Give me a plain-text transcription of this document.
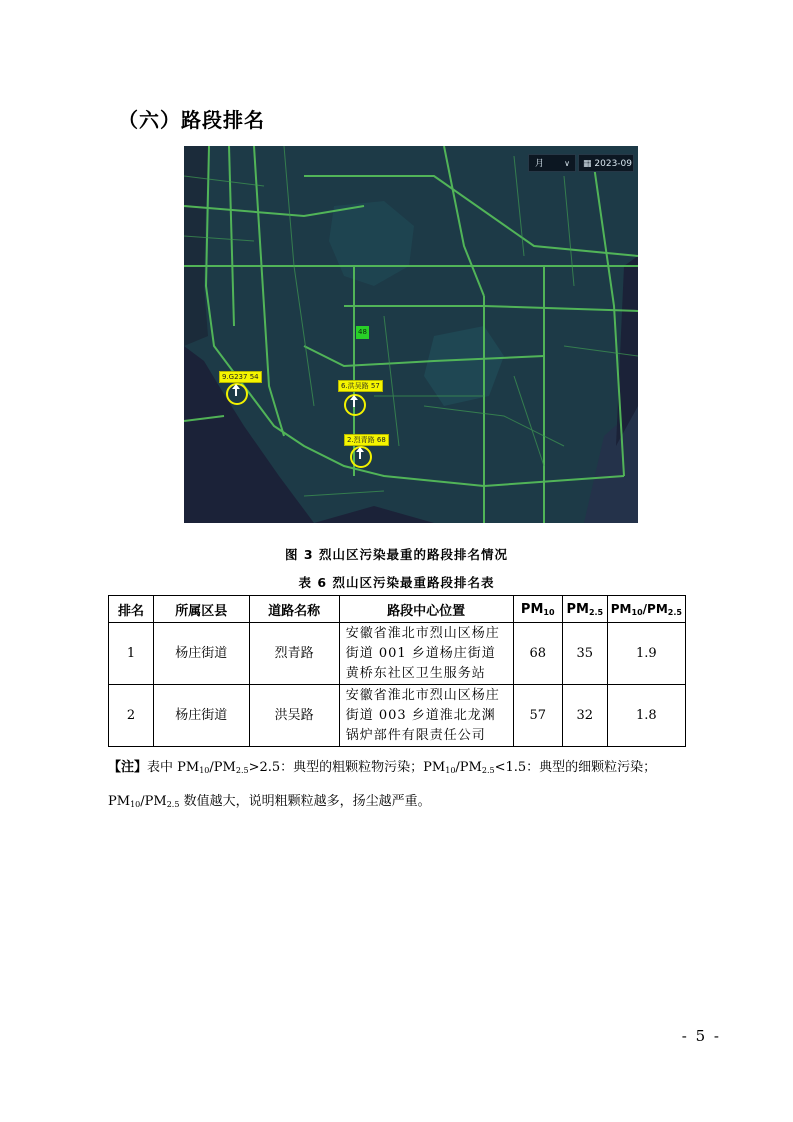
（六）路段排名
月	∨	▦ 2023-09
48
9.G237 54
6.洪吴路 57
2.烈青路 68
图 3 烈山区污染最重的路段排名情况
表 6 烈山区污染最重路段排名表
排名	所属区县	道路名称	路段中心位置	$PM_{10}$	$PM_{2.5}$	$PM_{10}/PM_{2.5}$
1	杨庄街道	烈青路	安徽省淮北市烈山区杨庄街道 001 乡道杨庄街道黄桥东社区卫生服务站	68	35	1.9
2	杨庄街道	洪吴路	安徽省淮北市烈山区杨庄街道 003 乡道淮北龙渊锅炉部件有限责任公司	57	32	1.8
【注】表中 $PM_{10}/PM_{2.5}>2.5$：典型的粗颗粒物污染；$PM_{10}/PM_{2.5}<1.5$：典型的细颗粒污染；$PM_{10}/PM_{2.5}$ 数值越大，说明粗颗粒越多，扬尘越严重。
- 5 -
